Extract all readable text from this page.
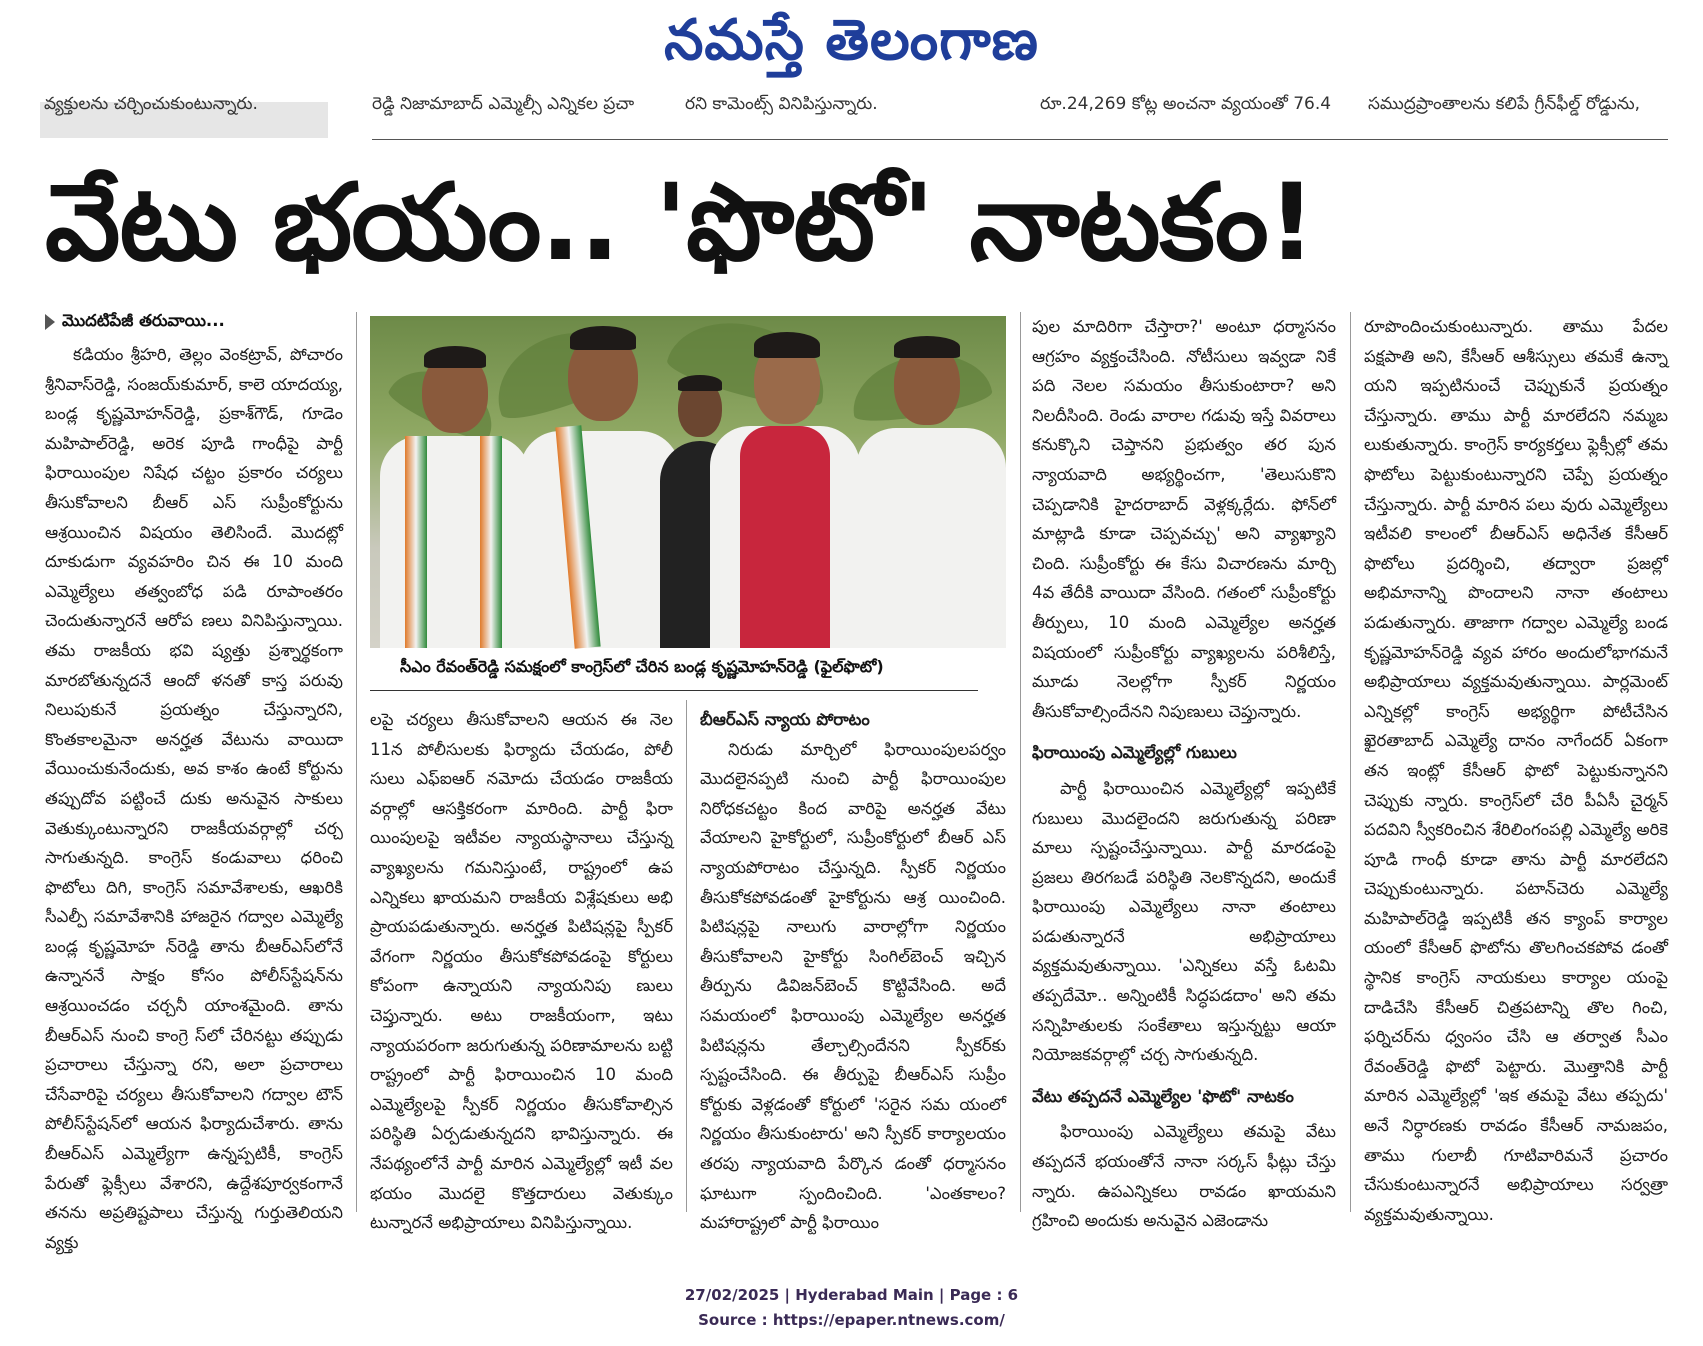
నమస్తే తెలంగాణ
వ్యక్తులను చర్చించుకుంటున్నారు.	రెడ్డి నిజామాబాద్ ఎమ్మెల్సీ ఎన్నికల ప్రచా	రని కామెంట్స్ వినిపిస్తున్నారు.	రూ.24,269 కోట్ల అంచనా వ్యయంతో 76.4	సముద్రప్రాంతాలను కలిపే గ్రీన్‌ఫీల్డ్ రోడ్డును,
వేటు భయం.. 'ఫొటో' నాటకం!
మొదటిపేజీ తరువాయి...

కడియం శ్రీహరి, తెల్లం వెంకట్రావ్, పోచారం శ్రీనివాస్‌రెడ్డి, సంజయ్‌కుమార్, కాలె యాదయ్య, బండ్ల కృష్ణమోహన్‌రెడ్డి, ప్రకాశ్‌గౌడ్, గూడెం మహిపాల్‌రెడ్డి, అరెక పూడి గాంధీపై పార్టీ ఫిరాయింపుల నిషేధ చట్టం ప్రకారం చర్యలు తీసుకోవాలని బీఆర్‌ ఎస్ సుప్రీంకోర్టును ఆశ్రయించిన విషయం తెలిసిందే. మొదట్లో దూకుడుగా వ్యవహరిం చిన ఈ 10 మంది ఎమ్మెల్యేలు తత్వంబోధ పడి రూపాంతరం చెందుతున్నారనే ఆరోప ణలు వినిపిస్తున్నాయి. తమ రాజకీయ భవి ష్యత్తు ప్రశ్నార్థకంగా మారబోతున్నదనే ఆందో ళనతో కాస్త పరువు నిలుపుకునే ప్రయత్నం చేస్తున్నారని, కొంతకాలమైనా అనర్హత వేటును వాయిదా వేయించుకునేందుకు, అవ కాశం ఉంటే కోర్టును తప్పుదోవ పట్టించే దుకు అనువైన సాకులు వెతుక్కుంటున్నారని రాజకీయవర్గాల్లో చర్చ సాగుతున్నది. కాంగ్రెస్ కండువాలు ధరించి ఫొటోలు దిగి, కాంగ్రెస్ సమావేశాలకు, ఆఖరికి సీఎల్పీ సమావేశానికి హాజరైన గద్వాల ఎమ్మెల్యే బండ్ల కృష్ణమోహ న్‌రెడ్డి తాను బీఆర్‌ఎస్‌లోనే ఉన్నాననే సాక్షం కోసం పోలీస్‌స్టేషన్‌ను ఆశ్రయించడం చర్చనీ యాంశమైంది. తాను బీఆర్‌ఎస్ నుంచి కాంగ్రె స్‌లో చేరినట్టు తప్పుడు ప్రచారాలు చేస్తున్నా రని, అలా ప్రచారాలు చేసేవారిపై చర్యలు తీసుకోవాలని గద్వాల టౌన్ పోలీస్‌స్టేషన్‌లో ఆయన ఫిర్యాదుచేశారు. తాను బీఆర్‌ఎస్ ఎమ్మెల్యేగా ఉన్నప్పటికీ, కాంగ్రెస్ పేరుతో ఫ్లెక్సీలు వేశారని, ఉద్దేశపూర్వకంగానే తనను అప్రతిష్టపాలు చేస్తున్న గుర్తుతెలియని వ్యక్తు

సీఎం రేవంత్‌రెడ్డి సమక్షంలో కాంగ్రెస్‌లో చేరిన బండ్ల కృష్ణమోహన్‌రెడ్డి (ఫైల్‌ఫొటో)

లపై చర్యలు తీసుకోవాలని ఆయన ఈ నెల 11న పోలీసులకు ఫిర్యాదు చేయడం, పోలీ సులు ఎఫ్ఐఆర్ నమోదు చేయడం రాజకీయ వర్గాల్లో ఆసక్తికరంగా మారింది. పార్టీ ఫిరా యింపులపై ఇటీవల న్యాయస్థానాలు చేస్తున్న వ్యాఖ్యలను గమనిస్తుంటే, రాష్ట్రంలో ఉప ఎన్నికలు ఖాయమని రాజకీయ విశ్లేషకులు అభి ప్రాయపడుతున్నారు. అనర్హత పిటిషన్లపై స్పీకర్ వేగంగా నిర్ణయం తీసుకోకపోవడంపై కోర్టులు కోపంగా ఉన్నాయని న్యాయనిపు ణులు చెప్తున్నారు. అటు రాజకీయంగా, ఇటు న్యాయపరంగా జరుగుతున్న పరిణామాలను బట్టి రాష్ట్రంలో పార్టీ ఫిరాయించిన 10 మంది ఎమ్మెల్యేలపై స్పీకర్ నిర్ణయం తీసుకోవాల్సిన పరిస్థితి ఏర్పడుతున్నదని భావిస్తున్నారు. ఈ నేపథ్యంలోనే పార్టీ మారిన ఎమ్మెల్యేల్లో ఇటీ వల భయం మొదలై కొత్తదారులు వెతుక్కుం టున్నారనే అభిప్రాయాలు వినిపిస్తున్నాయి.

బీఆర్‌ఎస్ న్యాయ పోరాటం

నిరుడు మార్చిలో ఫిరాయింపులపర్వం మొదలైనప్పటి నుంచి పార్టీ ఫిరాయింపుల నిరోధకచట్టం కింద వారిపై అనర్హత వేటు వేయాలని హైకోర్టులో, సుప్రీంకోర్టులో బీఆర్‌ ఎస్ న్యాయపోరాటం చేస్తున్నది. స్పీకర్ నిర్ణయం తీసుకోకపోవడంతో హైకోర్టును ఆశ్ర యించింది. పిటిషన్లపై నాలుగు వారాల్లోగా నిర్ణయం తీసుకోవాలని హైకోర్టు సింగిల్‌బెంచ్ ఇచ్చిన తీర్పును డివిజన్‌బెంచ్ కొట్టివేసింది. అదే సమయంలో ఫిరాయింపు ఎమ్మెల్యేల అనర్హత పిటిషన్లను తేల్చాల్సిందేనని స్పీకర్‌కు స్పష్టంచేసింది. ఈ తీర్పుపై బీఆర్‌ఎస్ సుప్రీం కోర్టుకు వెళ్లడంతో కోర్టులో 'సరైన సమ యంలో నిర్ణయం తీసుకుంటారు' అని స్పీకర్ కార్యాలయం తరపు న్యాయవాది పేర్కొన డంతో ధర్మాసనం ఘాటుగా స్పందించింది. 'ఎంతకాలం? మహారాష్ట్రలో పార్టీ ఫిరాయిం

పుల మాదిరిగా చేస్తారా?' అంటూ ధర్మాసనం ఆగ్రహం వ్యక్తంచేసింది. నోటీసులు ఇవ్వడా నికే పది నెలల సమయం తీసుకుంటారా? అని నిలదీసింది. రెండు వారాల గడువు ఇస్తే వివరాలు కనుక్కొని చెప్తానని ప్రభుత్వం తర పున న్యాయవాది అభ్యర్థించగా, 'తెలుసుకొని చెప్పడానికి హైదరాబాద్ వెళ్లక్కర్లేదు. ఫోన్‌లో మాట్లాడి కూడా చెప్పవచ్చు' అని వ్యాఖ్యాని చింది. సుప్రీంకోర్టు ఈ కేసు విచారణను మార్చి 4వ తేదీకి వాయిదా వేసింది. గతంలో సుప్రీంకోర్టు తీర్పులు, 10 మంది ఎమ్మెల్యేల అనర్హత విషయంలో సుప్రీంకోర్టు వ్యాఖ్యలను పరిశీలిస్తే, మూడు నెలల్లోగా స్పీకర్ నిర్ణయం తీసుకోవాల్సిందేనని నిపుణులు చెప్తున్నారు.

ఫిరాయింపు ఎమ్మెల్యేల్లో గుబులు

పార్టీ ఫిరాయించిన ఎమ్మెల్యేల్లో ఇప్పటికే గుబులు మొదలైందని జరుగుతున్న పరిణా మాలు స్పష్టంచేస్తున్నాయి. పార్టీ మారడంపై ప్రజలు తిరగబడే పరిస్థితి నెలకొన్నదని, అందుకే ఫిరాయింపు ఎమ్మెల్యేలు నానా తంటాలు పడుతున్నారనే అభిప్రాయాలు వ్యక్తమవుతున్నాయి. 'ఎన్నికలు వస్తే ఓటమి తప్పదేమో.. అన్నింటికీ సిద్ధపడదాం' అని తమ సన్నిహితులకు సంకేతాలు ఇస్తున్నట్టు ఆయా నియోజకవర్గాల్లో చర్చ సాగుతున్నది.

వేటు తప్పదనే ఎమ్మెల్యేల 'ఫొటో' నాటకం

ఫిరాయింపు ఎమ్మెల్యేలు తమపై వేటు తప్పదనే భయంతోనే నానా సర్కస్ ఫీట్లు చేస్తు న్నారు. ఉపఎన్నికలు రావడం ఖాయమని గ్రహించి అందుకు అనువైన ఎజెండాను

రూపొందించుకుంటున్నారు. తాము పేదల పక్షపాతి అని, కేసీఆర్ ఆశీస్సులు తమకే ఉన్నా యని ఇప్పటినుంచే చెప్పుకునే ప్రయత్నం చేస్తున్నారు. తాము పార్టీ మారలేదని నమ్మబ లుకుతున్నారు. కాంగ్రెస్ కార్యకర్తలు ఫ్లెక్సీల్లో తమ ఫొటోలు పెట్టుకుంటున్నారని చెప్పే ప్రయత్నం చేస్తున్నారు. పార్టీ మారిన పలు వురు ఎమ్మెల్యేలు ఇటీవలి కాలంలో బీఆర్‌ఎస్ అధినేత కేసీఆర్ ఫొటోలు ప్రదర్శించి, తద్వారా ప్రజల్లో అభిమానాన్ని పొందాలని నానా తంటాలు పడుతున్నారు. తాజాగా గద్వాల ఎమ్మెల్యే బండ కృష్ణమోహన్‌రెడ్డి వ్యవ హారం అందులోభాగమనే అభిప్రాయాలు వ్యక్తమవుతున్నాయి. పార్లమెంట్ ఎన్నికల్లో కాంగ్రెస్ అభ్యర్థిగా పోటీచేసిన ఖైరతాబాద్ ఎమ్మెల్యే దానం నాగేందర్ ఏకంగా తన ఇంట్లో కేసీఆర్ ఫొటో పెట్టుకున్నానని చెప్పుకు న్నారు. కాంగ్రెస్‌లో చేరి పీఏసీ చైర్మన్ పదవిని స్వీకరించిన శేరిలింగంపల్లి ఎమ్మెల్యే అరికె పూడి గాంధీ కూడా తాను పార్టీ మారలేదని చెప్పుకుంటున్నారు. పటాన్‌చెరు ఎమ్మెల్యే మహిపాల్‌రెడ్డి ఇప్పటికీ తన క్యాంప్ కార్యాల యంలో కేసీఆర్ ఫొటోను తొలగించకపోవ డంతో స్థానిక కాంగ్రెస్ నాయకులు కార్యాల యంపై దాడిచేసి కేసీఆర్ చిత్రపటాన్ని తొల గించి, ఫర్నిచర్‌ను ధ్వంసం చేసి ఆ తర్వాత సీఎం రేవంత్‌రెడ్డి ఫొటో పెట్టారు. మొత్తానికి పార్టీ మారిన ఎమ్మెల్యేల్లో 'ఇక తమపై వేటు తప్పదు' అనే నిర్ధారణకు రావడం కేసీఆర్ నామజపం, తాము గులాబీ గూటివారిమనే ప్రచారం చేసుకుంటున్నారనే అభిప్రాయాలు సర్వత్రా వ్యక్తమవుతున్నాయి.

27/02/2025 | Hyderabad Main | Page : 6
Source : https://epaper.ntnews.com/
